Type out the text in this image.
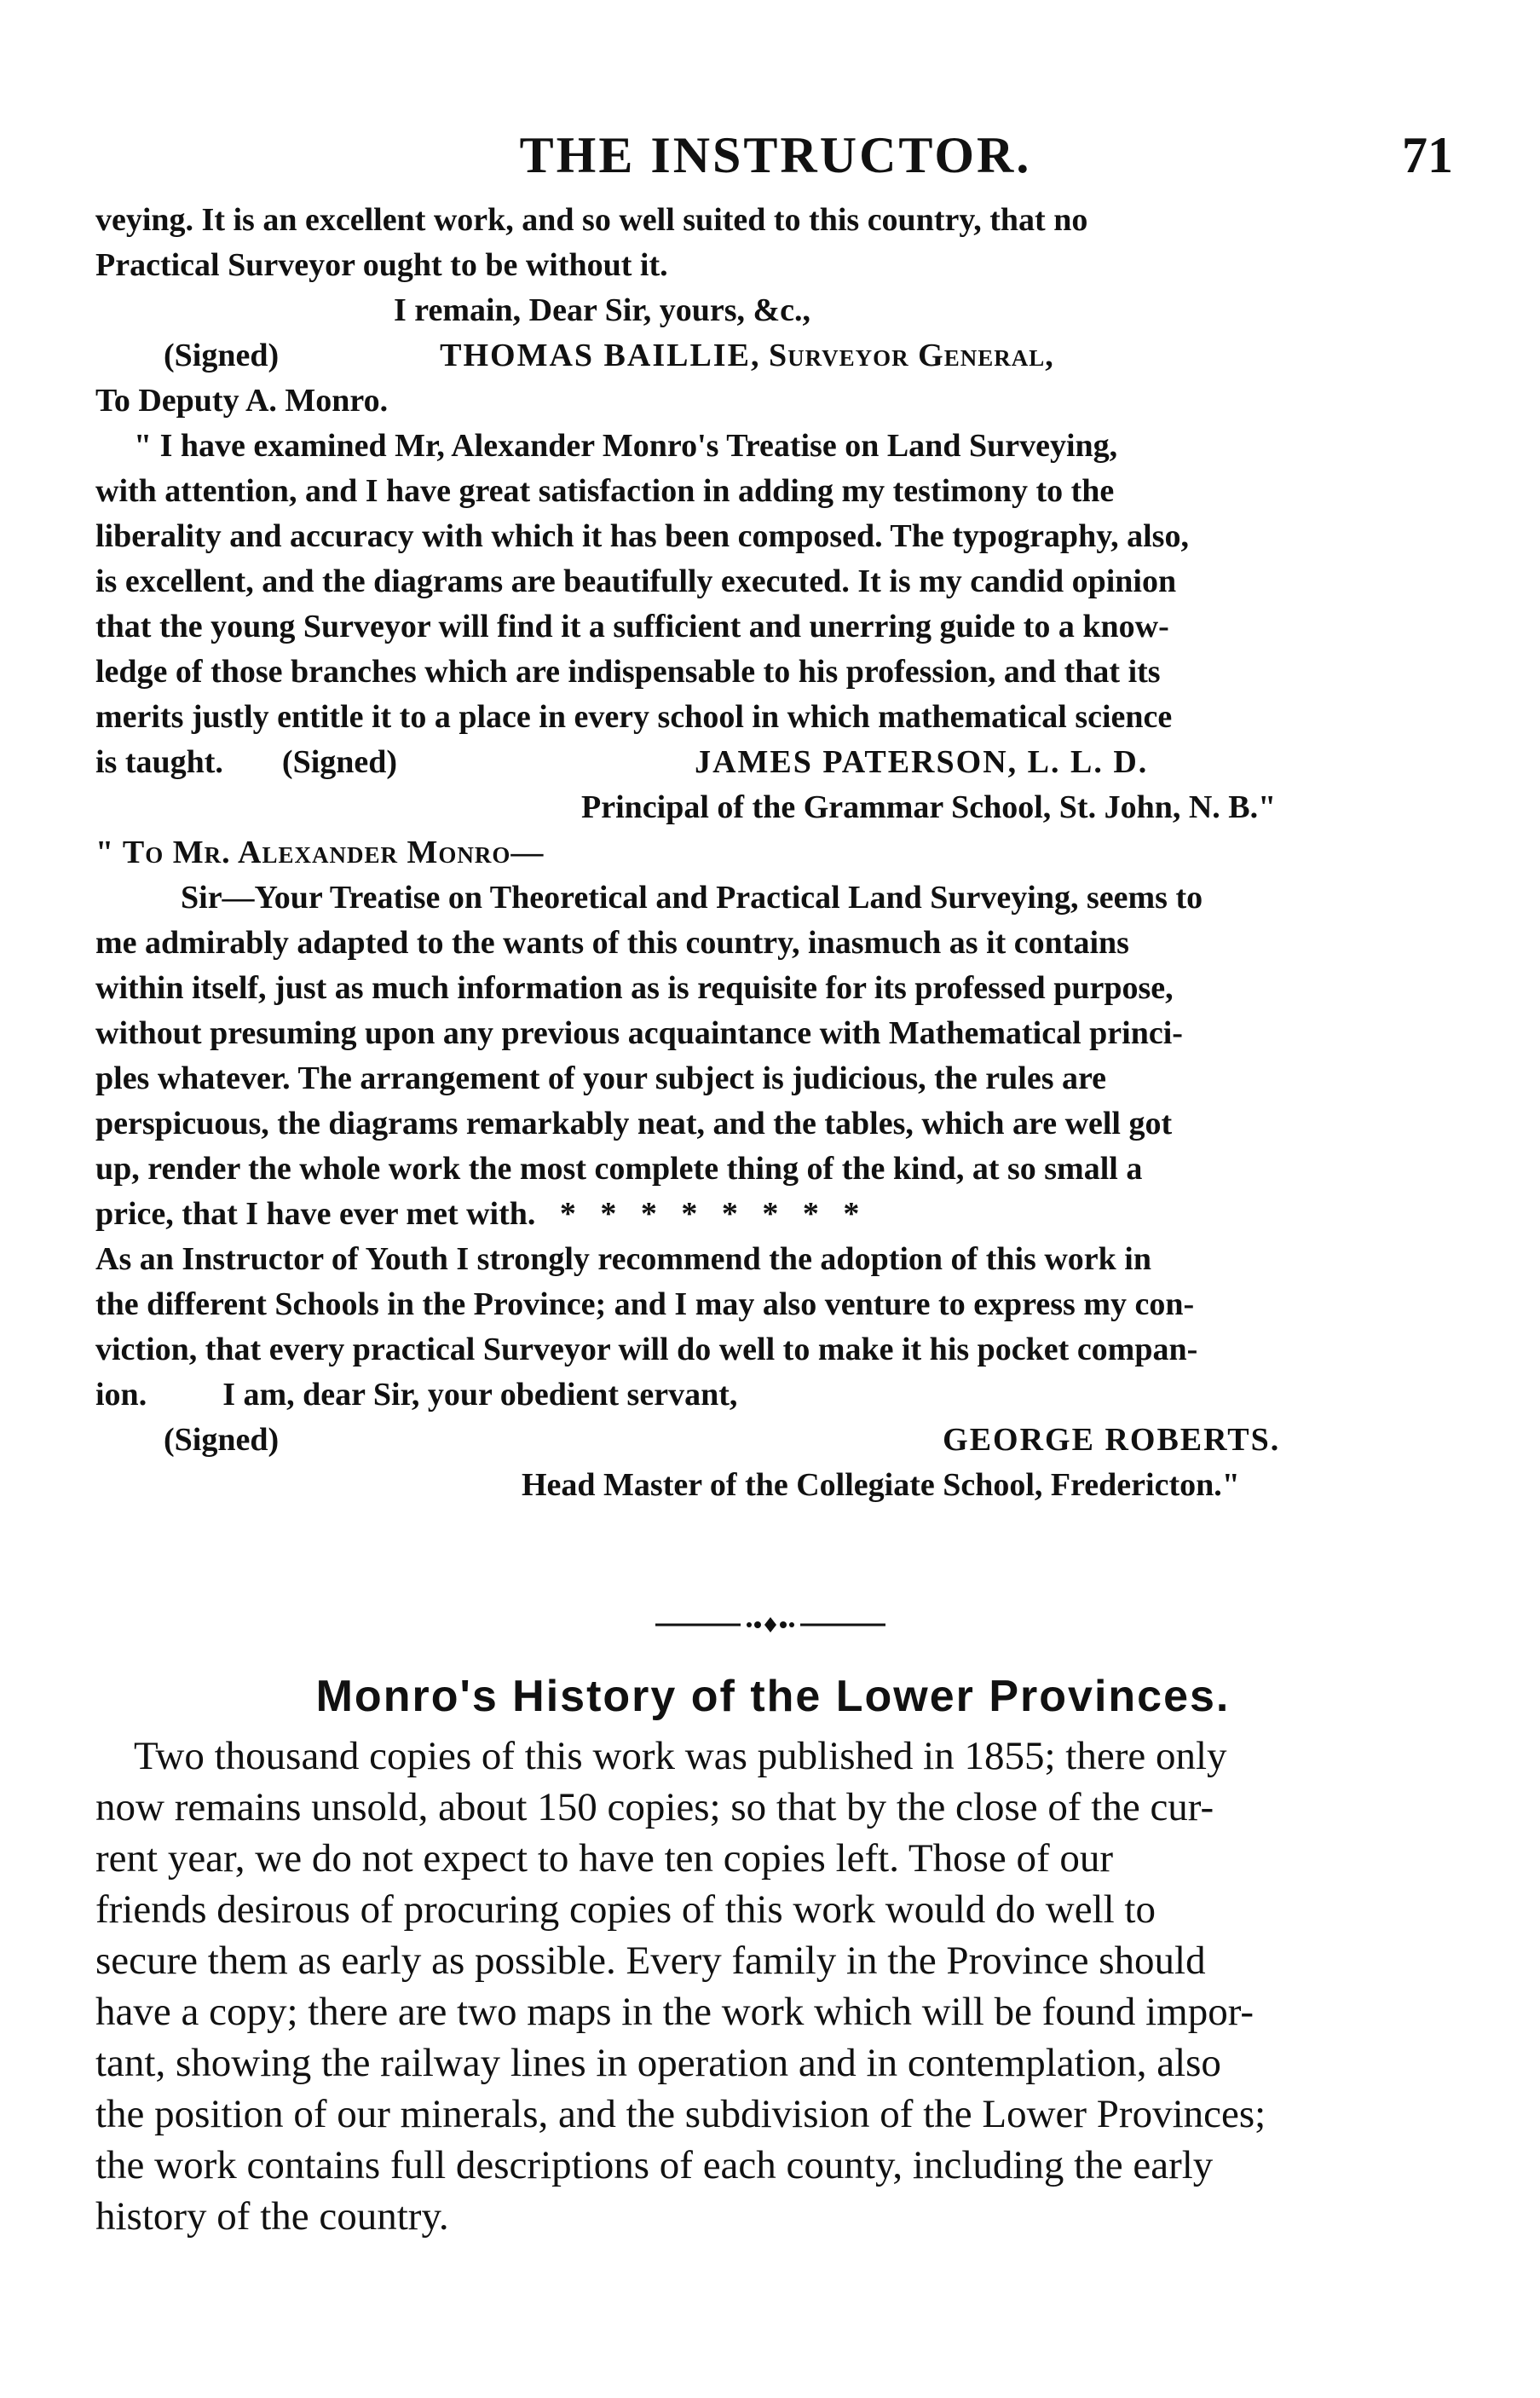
THE INSTRUCTOR.	71

veying. It is an excellent work, and so well suited to this country, that no

Practical Surveyor ought to be without it.

I remain, Dear Sir, yours, &c.,

(Signed)	THOMAS BAILLIE, Surveyor General,

To Deputy A. Monro.

" I have examined Mr, Alexander Monro's Treatise on Land Surveying,

with attention, and I have great satisfaction in adding my testimony to the

liberality and accuracy with which it has been composed. The typography, also,

is excellent, and the diagrams are beautifully executed. It is my candid opinion

that the young Surveyor will find it a sufficient and unerring guide to a know-

ledge of those branches which are indispensable to his profession, and that its

merits justly entitle it to a place in every school in which mathematical science

is taught. (Signed)	JAMES PATERSON, L. L. D.

Principal of the Grammar School, St. John, N. B."

" To Mr. Alexander Monro—

Sir—Your Treatise on Theoretical and Practical Land Surveying, seems to

me admirably adapted to the wants of this country, inasmuch as it contains

within itself, just as much information as is requisite for its professed purpose,

without presuming upon any previous acquaintance with Mathematical princi-

ples whatever. The arrangement of your subject is judicious, the rules are

perspicuous, the diagrams remarkably neat, and the tables, which are well got

up, render the whole work the most complete thing of the kind, at so small a

price, that I have ever met with.   *   *   *   *   *   *   *   *

As an Instructor of Youth I strongly recommend the adoption of this work in

the different Schools in the Province; and I may also venture to express my con-

viction, that every practical Surveyor will do well to make it his pocket compan-

ion. I am, dear Sir, your obedient servant,

(Signed)	GEORGE ROBERTS.

Head Master of the Collegiate School, Fredericton."

Monro's History of the Lower Provinces.

Two thousand copies of this work was published in 1855; there only

now remains unsold, about 150 copies; so that by the close of the cur-

rent year, we do not expect to have ten copies left. Those of our

friends desirous of procuring copies of this work would do well to

secure them as early as possible. Every family in the Province should

have a copy; there are two maps in the work which will be found impor-

tant, showing the railway lines in operation and in contemplation, also

the position of our minerals, and the subdivision of the Lower Provinces;

the work contains full descriptions of each county, including the early

history of the country.
